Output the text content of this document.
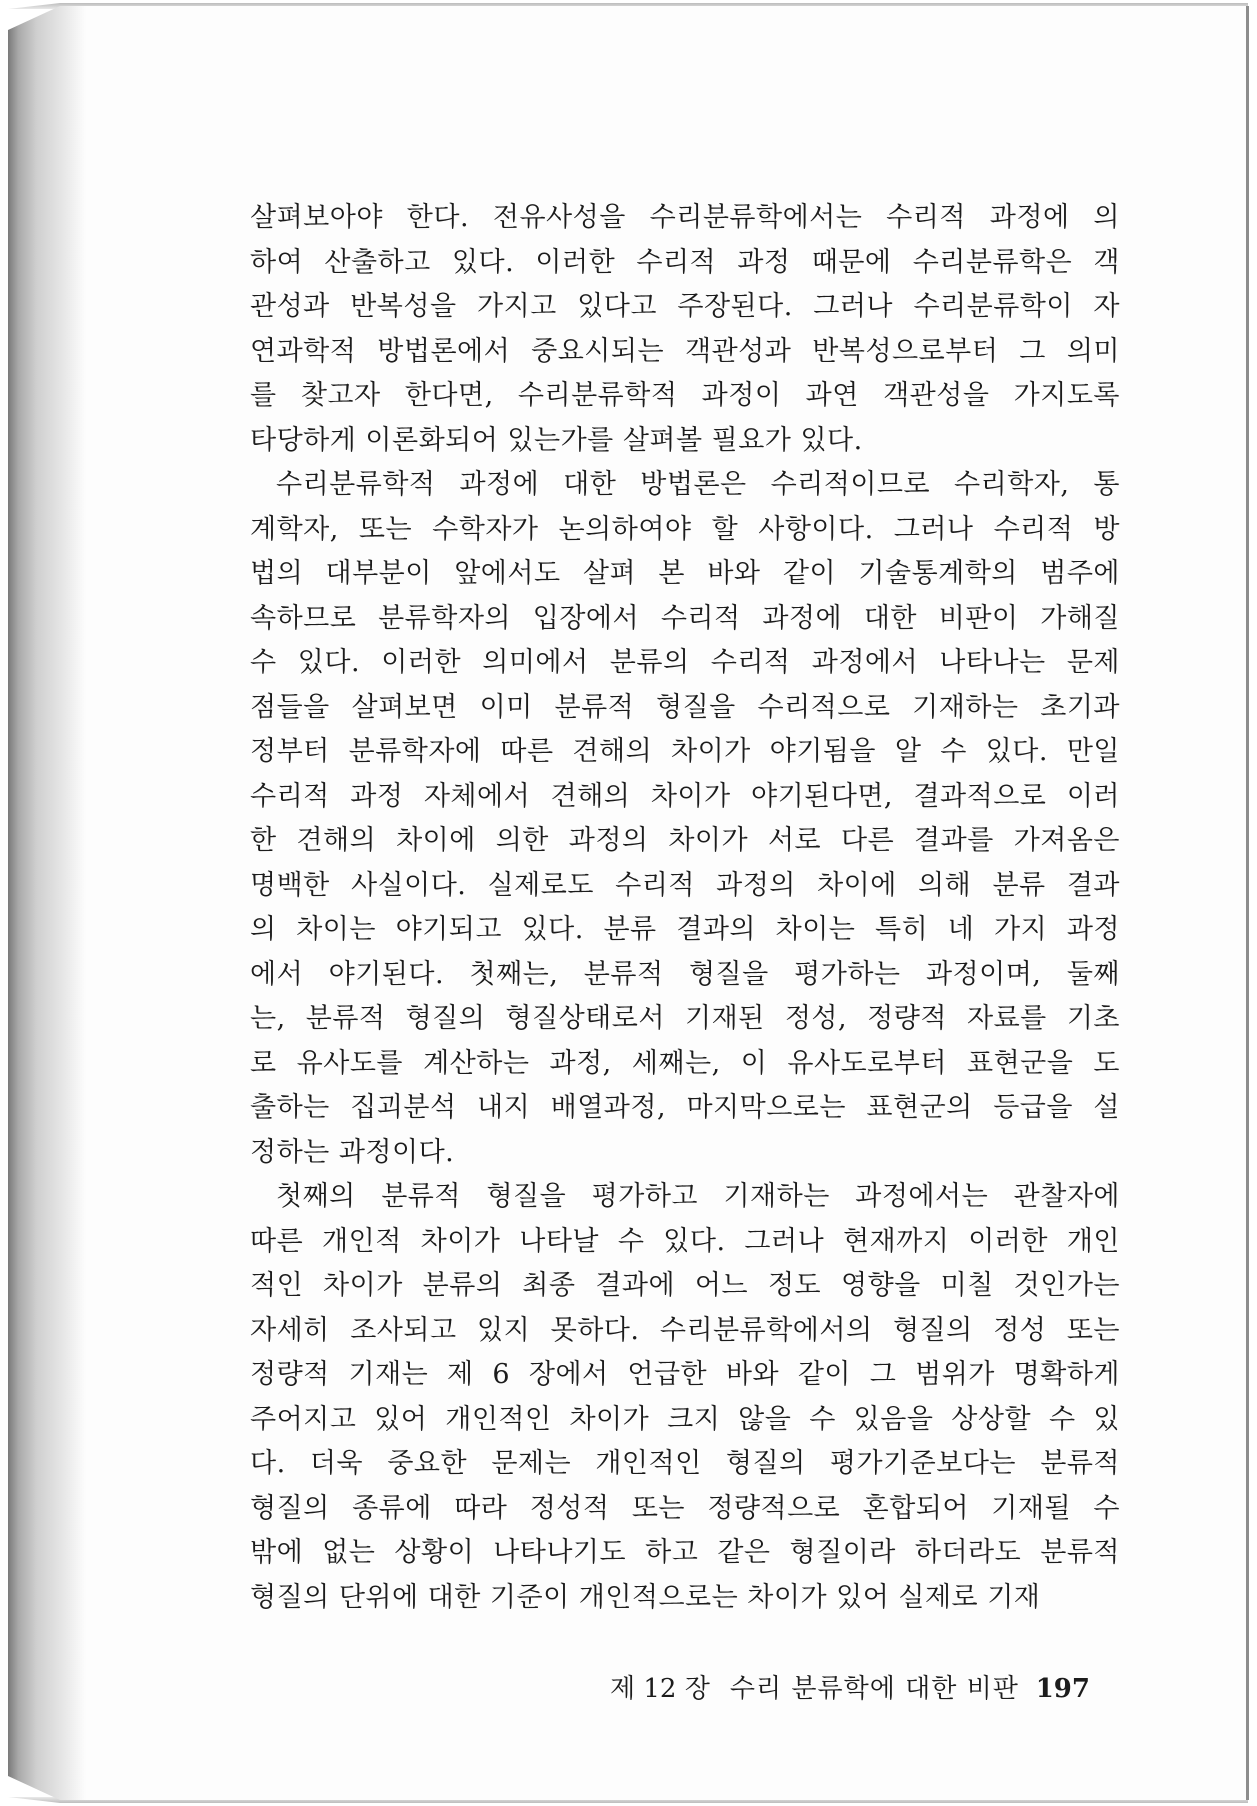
살펴보아야 한다. 전유사성을 수리분류학에서는 수리적 과정에 의
하여 산출하고 있다. 이러한 수리적 과정 때문에 수리분류학은 객
관성과 반복성을 가지고 있다고 주장된다. 그러나 수리분류학이 자
연과학적 방법론에서 중요시되는 객관성과 반복성으로부터 그 의미
를 찾고자 한다면, 수리분류학적 과정이 과연 객관성을 가지도록
타당하게 이론화되어 있는가를 살펴볼 필요가 있다.
수리분류학적 과정에 대한 방법론은 수리적이므로 수리학자, 통
계학자, 또는 수학자가 논의하여야 할 사항이다. 그러나 수리적 방
법의 대부분이 앞에서도 살펴 본 바와 같이 기술통계학의 범주에
속하므로 분류학자의 입장에서 수리적 과정에 대한 비판이 가해질
수 있다. 이러한 의미에서 분류의 수리적 과정에서 나타나는 문제
점들을 살펴보면 이미 분류적 형질을 수리적으로 기재하는 초기과
정부터 분류학자에 따른 견해의 차이가 야기됨을 알 수 있다. 만일
수리적 과정 자체에서 견해의 차이가 야기된다면, 결과적으로 이러
한 견해의 차이에 의한 과정의 차이가 서로 다른 결과를 가져옴은
명백한 사실이다. 실제로도 수리적 과정의 차이에 의해 분류 결과
의 차이는 야기되고 있다. 분류 결과의 차이는 특히 네 가지 과정
에서 야기된다. 첫째는, 분류적 형질을 평가하는 과정이며, 둘째
는, 분류적 형질의 형질상태로서 기재된 정성, 정량적 자료를 기초
로 유사도를 계산하는 과정, 세째는, 이 유사도로부터 표현군을 도
출하는 집괴분석 내지 배열과정, 마지막으로는 표현군의 등급을 설
정하는 과정이다.
첫째의 분류적 형질을 평가하고 기재하는 과정에서는 관찰자에
따른 개인적 차이가 나타날 수 있다. 그러나 현재까지 이러한 개인
적인 차이가 분류의 최종 결과에 어느 정도 영향을 미칠 것인가는
자세히 조사되고 있지 못하다. 수리분류학에서의 형질의 정성 또는
정량적 기재는 제 6 장에서 언급한 바와 같이 그 범위가 명확하게
주어지고 있어 개인적인 차이가 크지 않을 수 있음을 상상할 수 있
다. 더욱 중요한 문제는 개인적인 형질의 평가기준보다는 분류적
형질의 종류에 따라 정성적 또는 정량적으로 혼합되어 기재될 수
밖에 없는 상황이 나타나기도 하고 같은 형질이라 하더라도 분류적
형질의 단위에 대한 기준이 개인적으로는 차이가 있어 실제로 기재
제 12 장 수리 분류학에 대한 비판 197
